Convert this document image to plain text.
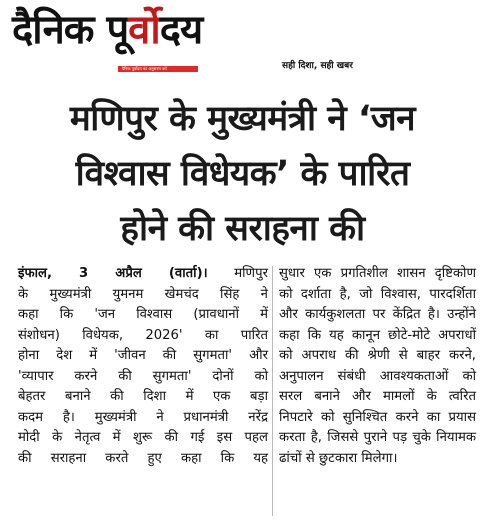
दैनिक पूर्वोदय
दैनिक पूर्वोदय का अनुसरण करें	सही दिशा, सही खबर
मणिपुर के मुख्यमंत्री ने ‘जन
विश्वास विधेयक’ के पारित
होने की सराहना की
इंफाल, 3 अप्रैल (वार्ता)। मणिपुर
के मुख्यमंत्री युमनम खेमचंद सिंह ने
कहा कि 'जन विश्वास (प्रावधानों में
संशोधन) विधेयक, 2026' का पारित
होना देश में 'जीवन की सुगमता' और
'व्यापार करने की सुगमता' दोनों को
बेहतर बनाने की दिशा में एक बड़ा
कदम है। मुख्यमंत्री ने प्रधानमंत्री नरेंद्र
मोदी के नेतृत्व में शुरू की गई इस पहल
की सराहना करते हुए कहा कि यह
सुधार एक प्रगतिशील शासन दृष्टिकोण
को दर्शाता है, जो विश्वास, पारदर्शिता
और कार्यकुशलता पर केंद्रित है। उन्होंने
कहा कि यह कानून छोटे-मोटे अपराधों
को अपराध की श्रेणी से बाहर करने,
अनुपालन संबंधी आवश्यकताओं को
सरल बनाने और मामलों के त्वरित
निपटारे को सुनिश्चित करने का प्रयास
करता है, जिससे पुराने पड़ चुके नियामक
ढांचों से छुटकारा मिलेगा।
